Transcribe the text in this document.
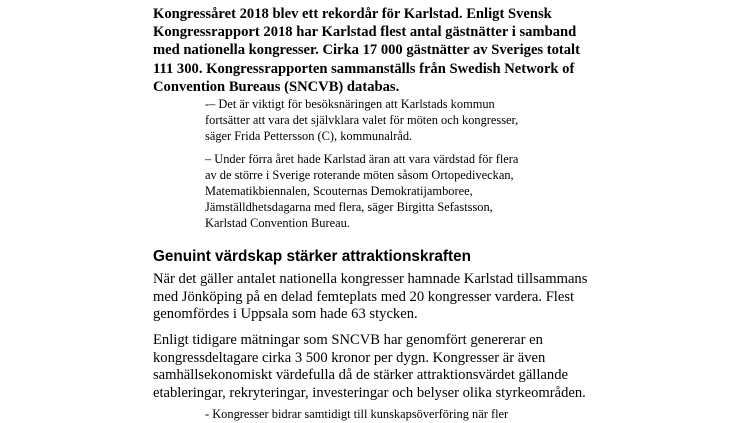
Kongressåret 2018 blev ett rekordår för Karlstad. Enligt Svensk
Kongressrapport 2018 har Karlstad flest antal gästnätter i samband
med nationella kongresser. Cirka 17 000 gästnätter av Sveriges totalt
111 300. Kongressrapporten sammanställs från Swedish Network of
Convention Bureaus (SNCVB) databas.

-– Det är viktigt för besöksnäringen att Karlstads kommun
fortsätter att vara det självklara valet för möten och kongresser,
säger Frida Pettersson (C), kommunalråd.

– Under förra året hade Karlstad äran att vara värdstad för flera
av de större i Sverige roterande möten såsom Ortopediveckan,
Matematikbiennalen, Scouternas Demokratijamboree,
Jämställdhetsdagarna med flera, säger Birgitta Sefastsson,
Karlstad Convention Bureau.

Genuint värdskap stärker attraktionskraften

När det gäller antalet nationella kongresser hamnade Karlstad tillsammans
med Jönköping på en delad femteplats med 20 kongresser vardera. Flest
genomfördes i Uppsala som hade 63 stycken.

Enligt tidigare mätningar som SNCVB har genomfört genererar en
kongressdeltagare cirka 3 500 kronor per dygn. Kongresser är även
samhällsekonomiskt värdefulla då de stärker attraktionsvärdet gällande
etableringar, rekryteringar, investeringar och belyser olika styrkeområden.

- Kongresser bidrar samtidigt till kunskapsöverföring när fler
